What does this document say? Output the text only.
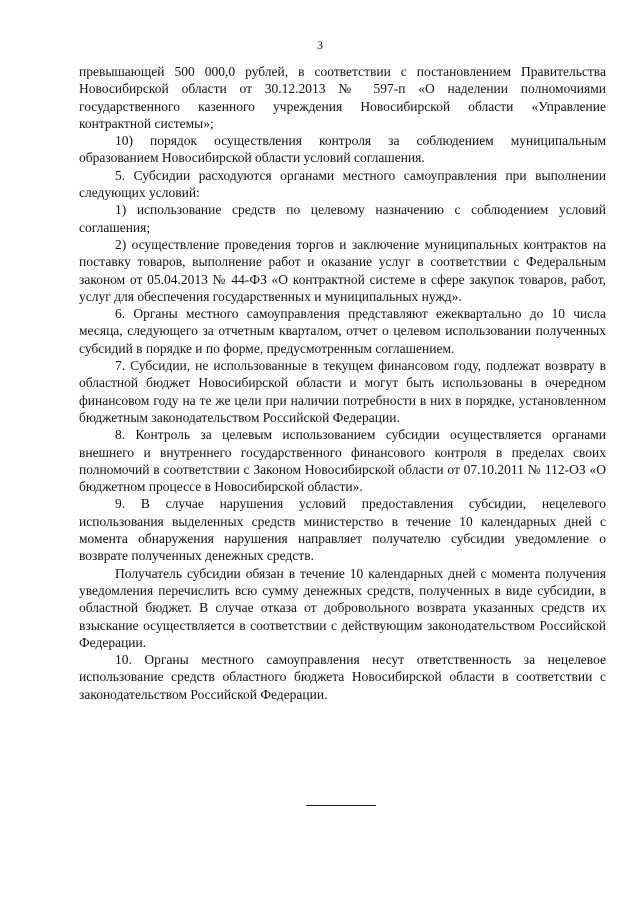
3

превышающей 500 000,0 рублей, в соответствии с постановлением Правительства Новосибирской области от 30.12.2013 № 597-п «О наделении полномочиями государственного казенного учреждения Новосибирской области «Управление контрактной системы»;

10) порядок осуществления контроля за соблюдением муниципальным образованием Новосибирской области условий соглашения.

5. Субсидии расходуются органами местного самоуправления при выполнении следующих условий:

1) использование средств по целевому назначению с соблюдением условий соглашения;

2) осуществление проведения торгов и заключение муниципальных контрактов на поставку товаров, выполнение работ и оказание услуг в соответствии с Федеральным законом от 05.04.2013 № 44-ФЗ «О контрактной системе в сфере закупок товаров, работ, услуг для обеспечения государственных и муниципальных нужд».

6. Органы местного самоуправления представляют ежеквартально до 10 числа месяца, следующего за отчетным кварталом, отчет о целевом использовании полученных субсидий в порядке и по форме, предусмотренным соглашением.

7. Субсидии, не использованные в текущем финансовом году, подлежат возврату в областной бюджет Новосибирской области и могут быть использованы в очередном финансовом году на те же цели при наличии потребности в них в порядке, установленном бюджетным законодательством Российской Федерации.

8. Контроль за целевым использованием субсидии осуществляется органами внешнего и внутреннего государственного финансового контроля в пределах своих полномочий в соответствии с Законом Новосибирской области от 07.10.2011 № 112-ОЗ «О бюджетном процессе в Новосибирской области».

9. В случае нарушения условий предоставления субсидии, нецелевого использования выделенных средств министерство в течение 10 календарных дней с момента обнаружения нарушения направляет получателю субсидии уведомление о возврате полученных денежных средств.

Получатель субсидии обязан в течение 10 календарных дней с момента получения уведомления перечислить всю сумму денежных средств, полученных в виде субсидии, в областной бюджет. В случае отказа от добровольного возврата указанных средств их взыскание осуществляется в соответствии с действующим законодательством Российской Федерации.

10. Органы местного самоуправления несут ответственность за нецелевое использование средств областного бюджета Новосибирской области в соответствии с законодательством Российской Федерации.
